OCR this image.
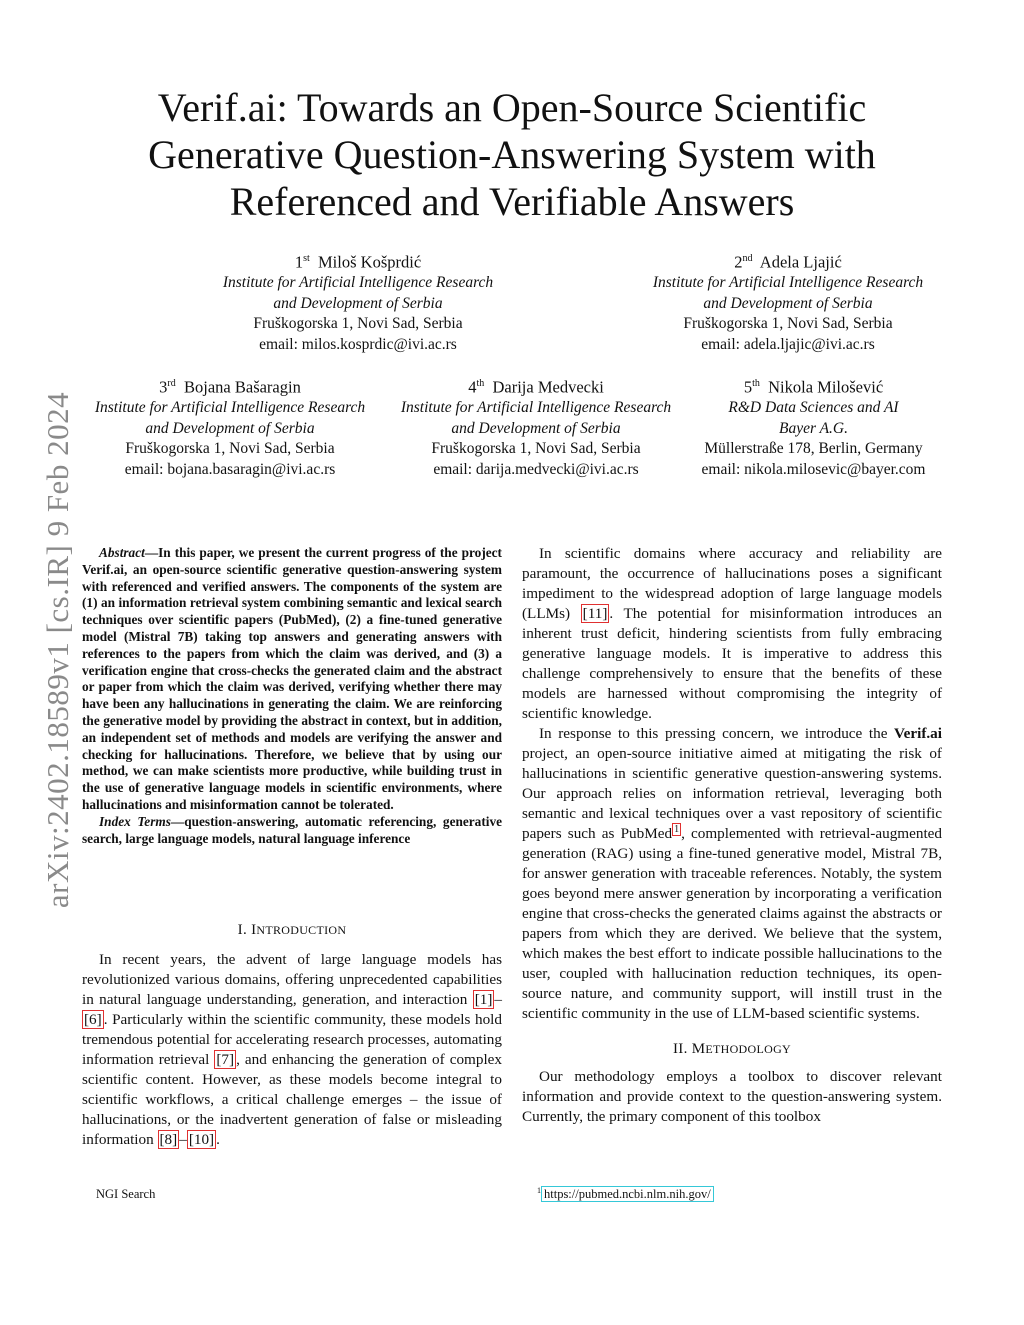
arXiv:2402.18589v1 [cs.IR] 9 Feb 2024
Verif.ai: Towards an Open-Source Scientific
Generative Question-Answering System with
Referenced and Verifiable Answers
1st Miloš Košprdić
Institute for Artificial Intelligence Research
and Development of Serbia
Fruškogorska 1, Novi Sad, Serbia
email: milos.kosprdic@ivi.ac.rs
2nd Adela Ljajić
Institute for Artificial Intelligence Research
and Development of Serbia
Fruškogorska 1, Novi Sad, Serbia
email: adela.ljajic@ivi.ac.rs
3rd Bojana Bašaragin
Institute for Artificial Intelligence Research
and Development of Serbia
Fruškogorska 1, Novi Sad, Serbia
email: bojana.basaragin@ivi.ac.rs
4th Darija Medvecki
Institute for Artificial Intelligence Research
and Development of Serbia
Fruškogorska 1, Novi Sad, Serbia
email: darija.medvecki@ivi.ac.rs
5th Nikola Milošević
R&D Data Sciences and AI
Bayer A.G.
Müllerstraße 178, Berlin, Germany
email: nikola.milosevic@bayer.com

Abstract—In this paper, we present the current progress of the project Verif.ai, an open-source scientific generative question-answering system with referenced and verified answers. The components of the system are (1) an information retrieval system combining semantic and lexical search techniques over scientific papers (PubMed), (2) a fine-tuned generative model (Mistral 7B) taking top answers and generating answers with references to the papers from which the claim was derived, and (3) a verification engine that cross-checks the generated claim and the abstract or paper from which the claim was derived, verifying whether there may have been any hallucinations in generating the claim. We are reinforcing the generative model by providing the abstract in context, but in addition, an independent set of methods and models are verifying the answer and checking for hallucinations. Therefore, we believe that by using our method, we can make scientists more productive, while building trust in the use of generative language models in scientific environments, where hallucinations and misinformation cannot be tolerated.

Index Terms—question-answering, automatic referencing, generative search, large language models, natural language inference

I. INTRODUCTION

In recent years, the advent of large language models has revolutionized various domains, offering unprecedented capabilities in natural language understanding, generation, and interaction [1] –[6] . Particularly within the scientific community, these models hold tremendous potential for accelerating research processes, automating information retrieval [7] , and enhancing the generation of complex scientific content. However, as these models become integral to scientific workflows, a critical challenge emerges – the issue of hallucinations, or the inadvertent generation of false or misleading information [8] – [10] .

In scientific domains where accuracy and reliability are paramount, the occurrence of hallucinations poses a significant impediment to the widespread adoption of large language models (LLMs) [11] . The potential for misinformation introduces an inherent trust deficit, hindering scientists from fully embracing generative language models. It is imperative to address this challenge comprehensively to ensure that the benefits of these models are harnessed without compromising the integrity of scientific knowledge.

In response to this pressing concern, we introduce the Verif.ai project, an open-source initiative aimed at mitigating the risk of hallucinations in scientific generative question-answering systems. Our approach relies on information retrieval, leveraging both semantic and lexical techniques over a vast repository of scientific papers such as PubMed $^1$ , complemented with retrieval-augmented generation (RAG) using a fine-tuned generative model, Mistral 7B, for answer generation with traceable references. Notably, the system goes beyond mere answer generation by incorporating a verification engine that cross-checks the generated claims against the abstracts or papers from which they are derived. We believe that the system, which makes the best effort to indicate possible hallucinations to the user, coupled with hallucination reduction techniques, its open-source nature, and community support, will instill trust in the scientific community in the use of LLM-based scientific systems.

II. METHODOLOGY

Our methodology employs a toolbox to discover relevant information and provide context to the question-answering system. Currently, the primary component of this toolbox

NGI Search	$^1$ https://pubmed.ncbi.nlm.nih.gov/
